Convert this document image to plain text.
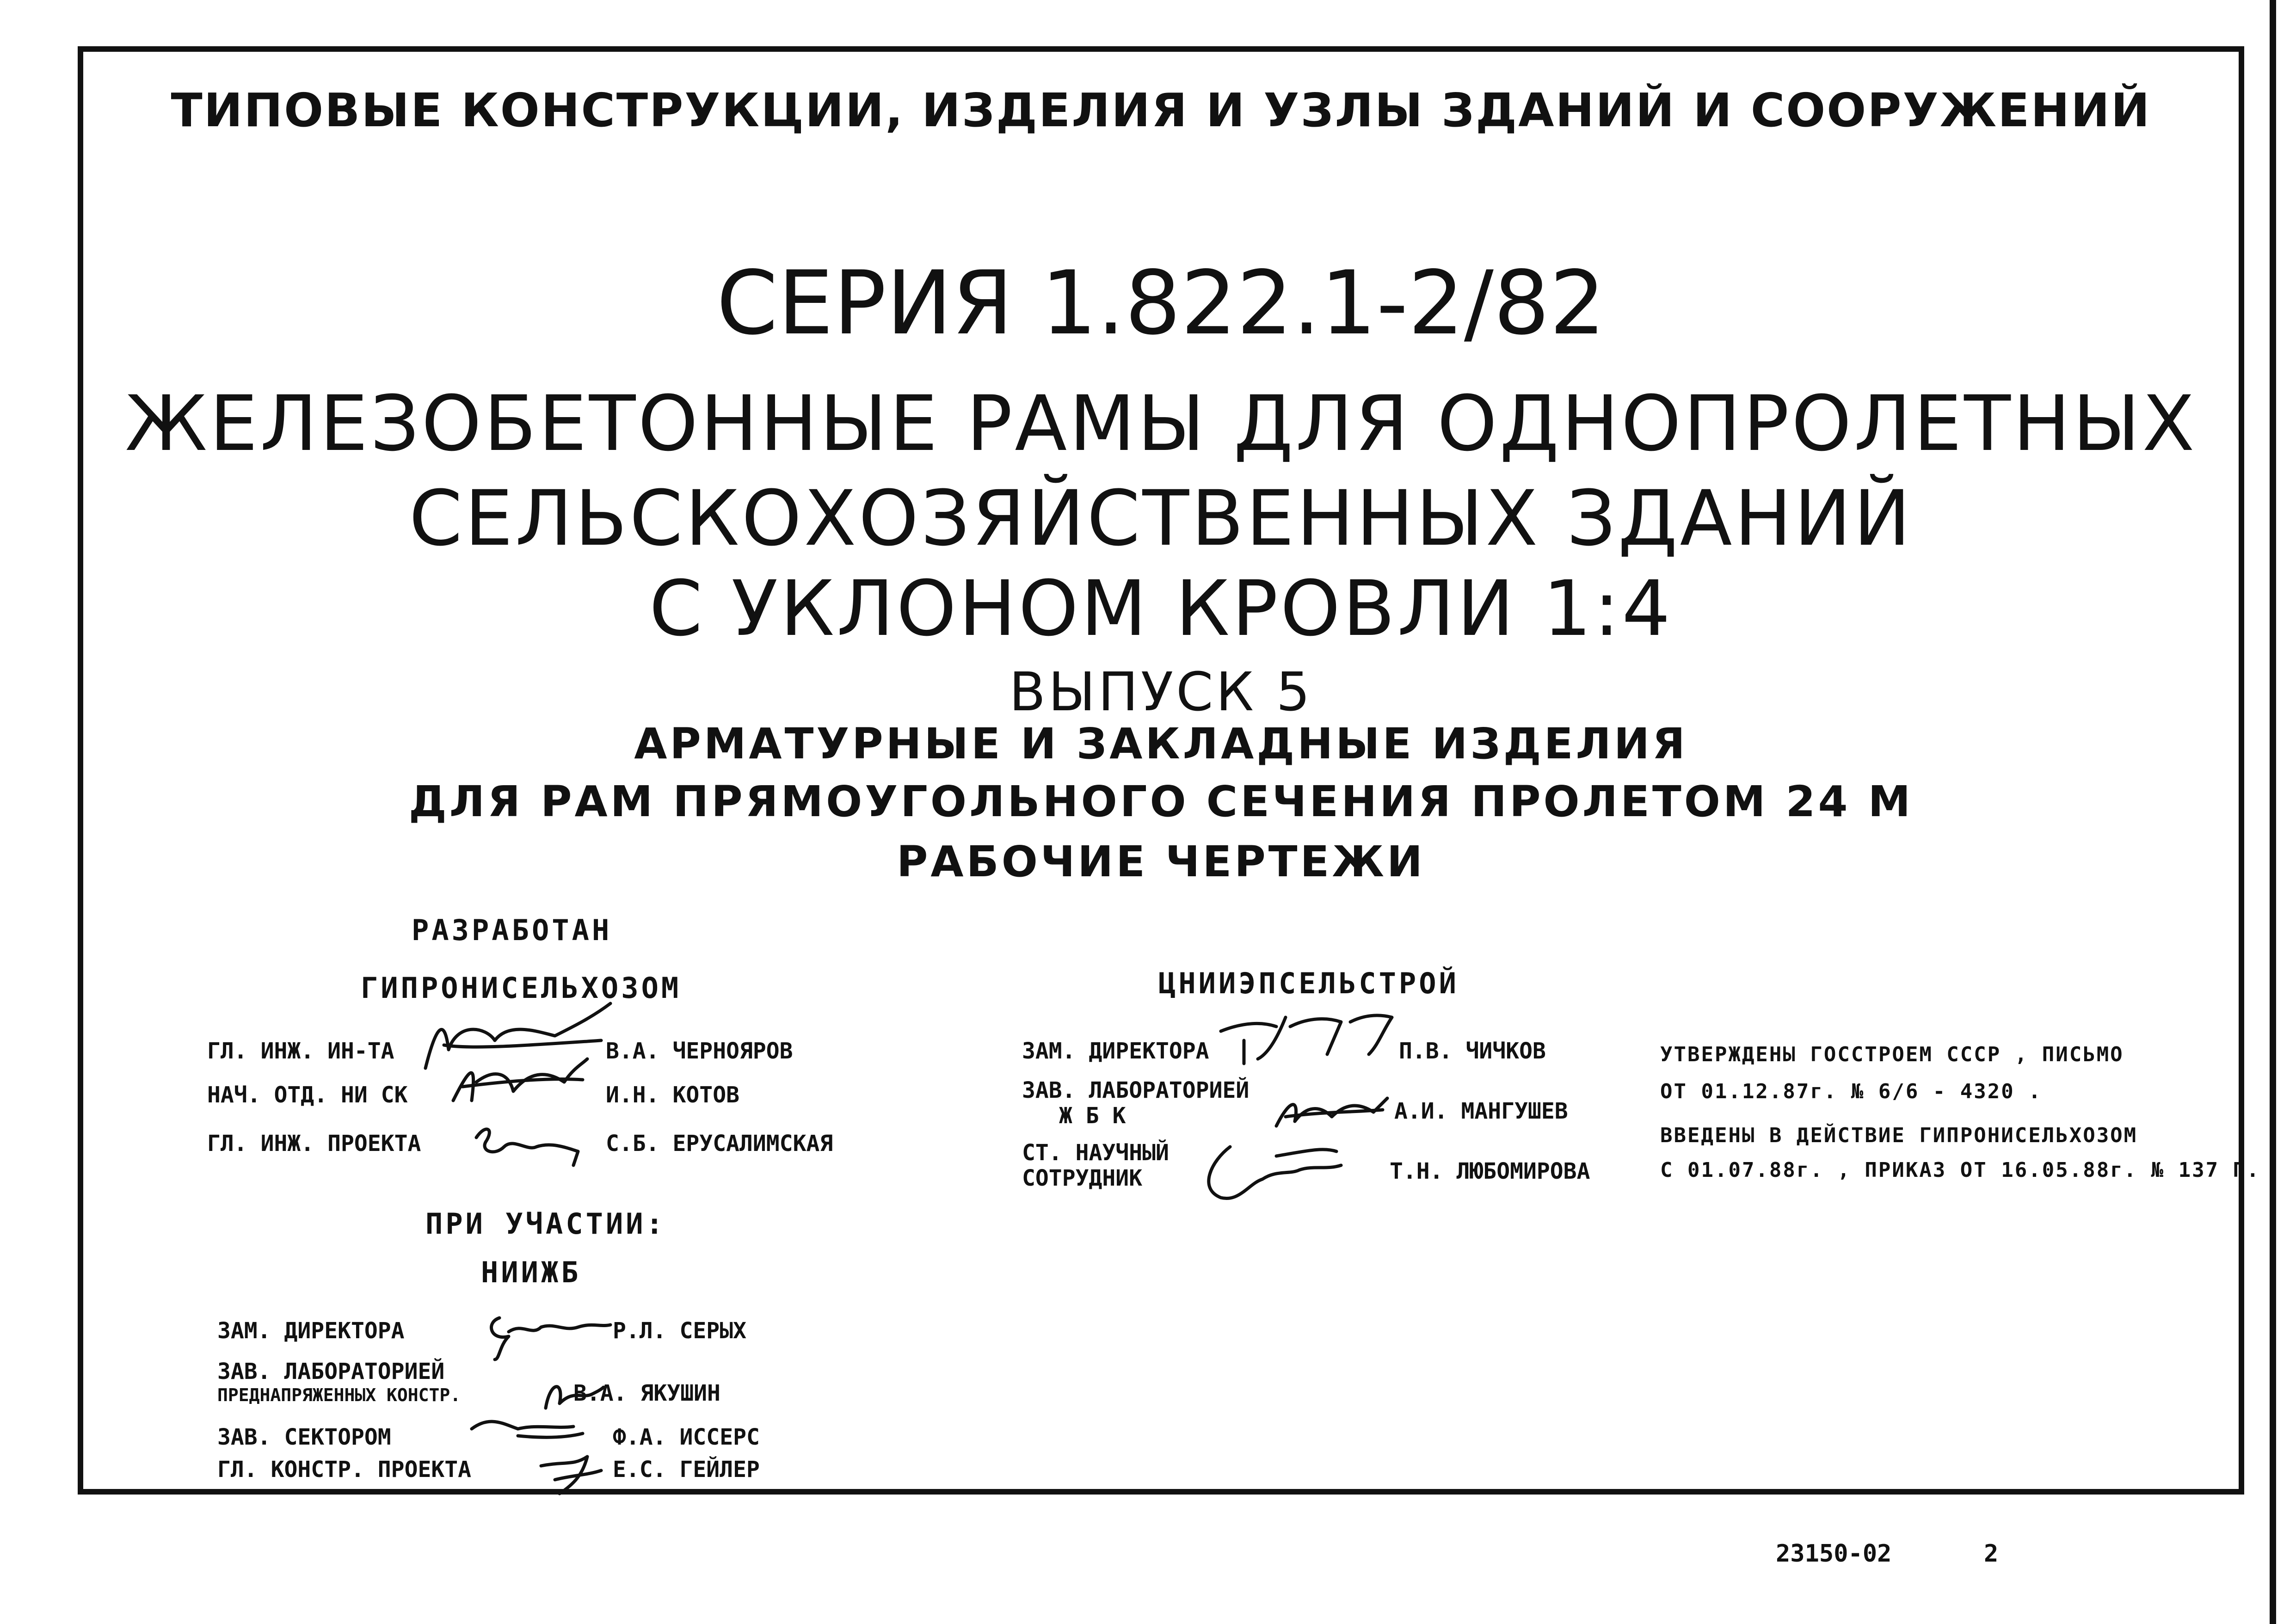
ТИПОВЫЕ КОНСТРУКЦИИ, ИЗДЕЛИЯ И УЗЛЫ ЗДАНИЙ И СООРУЖЕНИЙ
СЕРИЯ 1.822.1-2/82
ЖЕЛЕЗОБЕТОННЫЕ РАМЫ ДЛЯ ОДНОПРОЛЕТНЫХ
СЕЛЬСКОХОЗЯЙСТВЕННЫХ ЗДАНИЙ
С УКЛОНОМ КРОВЛИ 1:4
ВЫПУСК 5
АРМАТУРНЫЕ И ЗАКЛАДНЫЕ ИЗДЕЛИЯ
ДЛЯ РАМ ПРЯМОУГОЛЬНОГО СЕЧЕНИЯ ПРОЛЕТОМ 24 М
РАБОЧИЕ ЧЕРТЕЖИ
РАЗРАБОТАН
ГИПРОНИСЕЛЬХОЗОМ
ГЛ. ИНЖ. ИН-ТА	В.А. ЧЕРНОЯРОВ
НАЧ. ОТД. НИ СК	И.Н. КОТОВ
ГЛ. ИНЖ. ПРОЕКТА	С.Б. ЕРУСАЛИМСКАЯ
ПРИ УЧАСТИИ:
НИИЖБ
ЗАМ. ДИРЕКТОРА	Р.Л. СЕРЫХ
ЗАВ. ЛАБОРАТОРИЕЙ
ПРЕДНАПРЯЖЕННЫХ КОНСТР.	В.А. ЯКУШИН
ЗАВ. СЕКТОРОМ	Ф.А. ИССЕРС
ГЛ. КОНСТР. ПРОЕКТА	Е.С. ГЕЙЛЕР
ЦНИИЭПСЕЛЬСТРОЙ
ЗАМ. ДИРЕКТОРА	П.В. ЧИЧКОВ
ЗАВ. ЛАБОРАТОРИЕЙ
Ж Б К	А.И. МАНГУШЕВ
СТ. НАУЧНЫЙ
СОТРУДНИК	Т.Н. ЛЮБОМИРОВА
УТВЕРЖДЕНЫ ГОССТРОЕМ СССР , ПИСЬМО
ОТ 01.12.87г. № 6/6 - 4320 .
ВВЕДЕНЫ В ДЕЙСТВИЕ ГИПРОНИСЕЛЬХОЗОМ
С 01.07.88г. , ПРИКАЗ ОТ 16.05.88г. № 137 П.
23150-02	2
